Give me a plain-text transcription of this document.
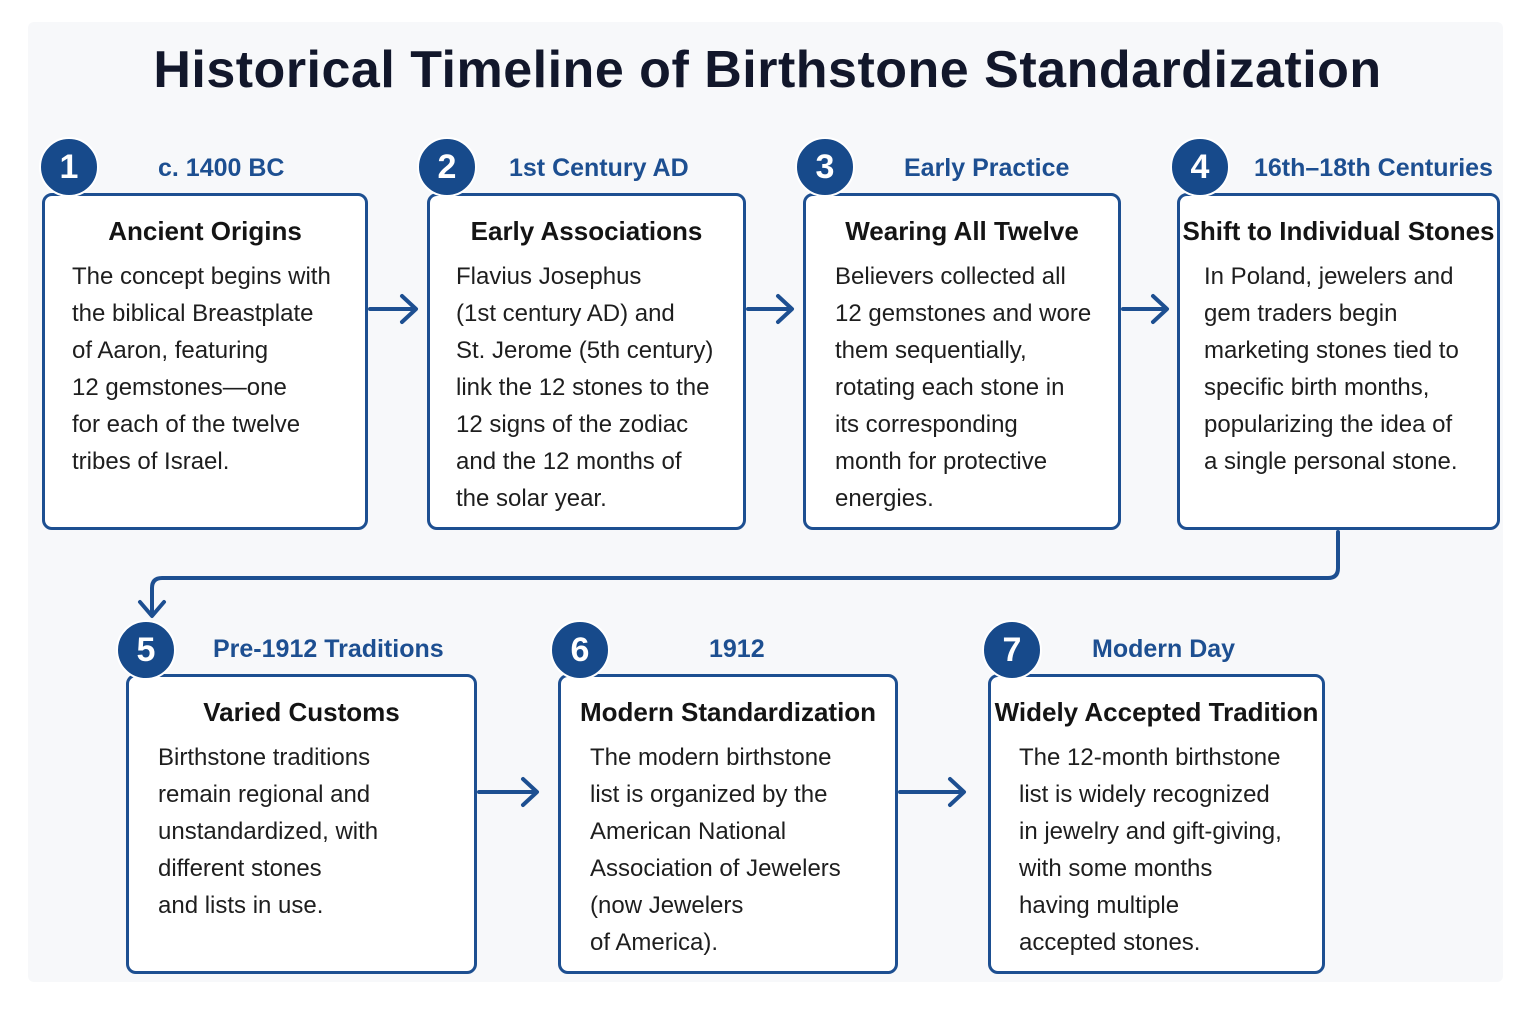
Historical Timeline of Birthstone Standardization
Ancient Origins
The concept begins with
the biblical Breastplate
of Aaron, featuring
12 gemstones—one
for each of the twelve
tribes of Israel.
1	c. 1400 BC
Early Associations
Flavius Josephus
(1st century AD) and
St. Jerome (5th century)
link the 12 stones to the
12 signs of the zodiac
and the 12 months of
the solar year.
2	1st Century AD
Wearing All Twelve
Believers collected all
12 gemstones and wore
them sequentially,
rotating each stone in
its corresponding
month for protective
energies.
3	Early Practice
Shift to Individual Stones
In Poland, jewelers and
gem traders begin
marketing stones tied to
specific birth months,
popularizing the idea of
a single personal stone.
4	16th–18th Centuries
Varied Customs
Birthstone traditions
remain regional and
unstandardized, with
different stones
and lists in use.
5	Pre-1912 Traditions
Modern Standardization
The modern birthstone
list is organized by the
American National
Association of Jewelers
(now Jewelers
of America).
6	1912
Widely Accepted Tradition
The 12-month birthstone
list is widely recognized
in jewelry and gift-giving,
with some months
having multiple
accepted stones.
7	Modern Day
